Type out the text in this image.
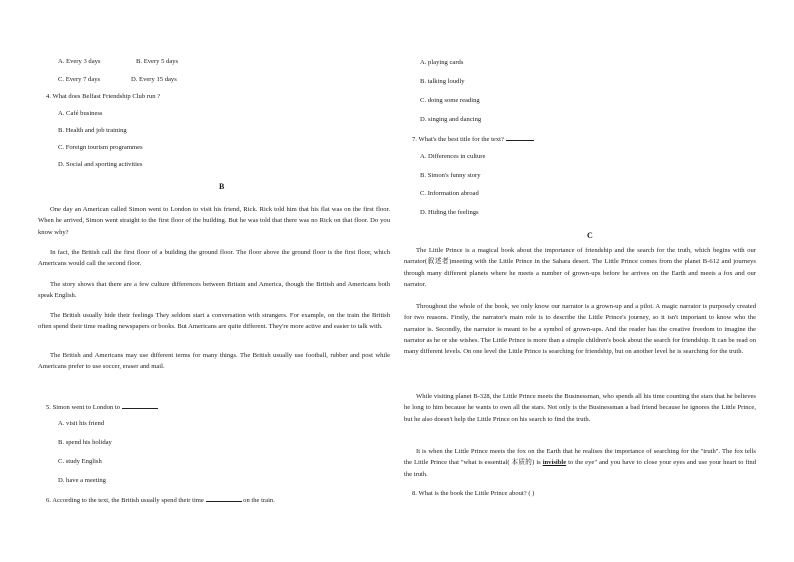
A. Every 3 days	B. Every 5 days
C. Every 7 days	D. Every 15 days
4. What does Belfast Friendship Club run ?
A. Café business
B. Health and job training
C. Foreign tourism programmes
D. Social and sporting activities
B
One day an American called Simon went to London to visit his friend, Rick. Rick told him that his flat was on the first floor. When he arrived, Simon went straight to the first floor of the building. But he was told that there was no Rick on that floor. Do you know why?
In fact, the British call the first floor of a building the ground floor. The floor above the ground floor is the first floor, which Americans would call the second floor.
The story shows that there are a few culture differences between Britain and America, though the British and Americans both speak English.
The British usually hide their feelings They seldom start a conversation with strangers. For example, on the train the British often spend their time reading newspapers or books. But Americans are quite different. They're more active and easier to talk with.
The British and Americans may use different terms for many things. The British usually use football, rubber and post while Americans prefer to use soccer, eraser and mail.
5. Simon went to London to
A. visit his friend
B. spend his holiday
C. study English
D. have a meeting
6. According to the text, the British usually spend their time	on the train.
A. playing cards
B. talking loudly
C. doing some reading
D. singing and dancing
7. What's the best title for the text?
A. Differences in culture
B. Simon's funny story
C. Information abroad
D. Hiding the feelings
C
The Little Prince is a magical book about the importance of friendship and the search for the truth, which begins with our narrator(叙述者)meeting with the Little Prince in the Sahara desert. The Little Prince comes from the planet B-612 and journeys through many different planets where he meets a number of grown-ups before he arrives on the Earth and meets a fox and our narrator.
Throughout the whole of the book, we only know our narrator is a grown-up and a pilot. A magic narrator is purposely created for two reasons. Firstly, the narrator's main role is to describe the Little Prince's journey, so it isn't important to know who the narrator is. Secondly, the narrator is meant to be a symbol of grown-ups. And the reader has the creative freedom to imagine the narrator as he or she wishes. The Little Prince is more than a simple children's book about the search for friendship. It can be read on many different levels. On one level the Little Prince is searching for friendship, but on another level he is searching for the truth.
While visiting planet B-328, the Little Prince meets the Businessman, who spends all his time counting the stars that he believes he long to him because he wants to own all the stars. Not only is the Businessman a bad friend because he ignores the Little Prince, but he also doesn't help the Little Prince on his search to find the truth.
It is when the Little Prince meets the fox on the Earth that he realises the importance of searching for the "truth". The fox tells the Little Prince that "what is essential( 本质的) is invisible to the eye" and you have to close your eyes and use your heart to find the truth.
8. What is the book the Little Prince about? ( )
